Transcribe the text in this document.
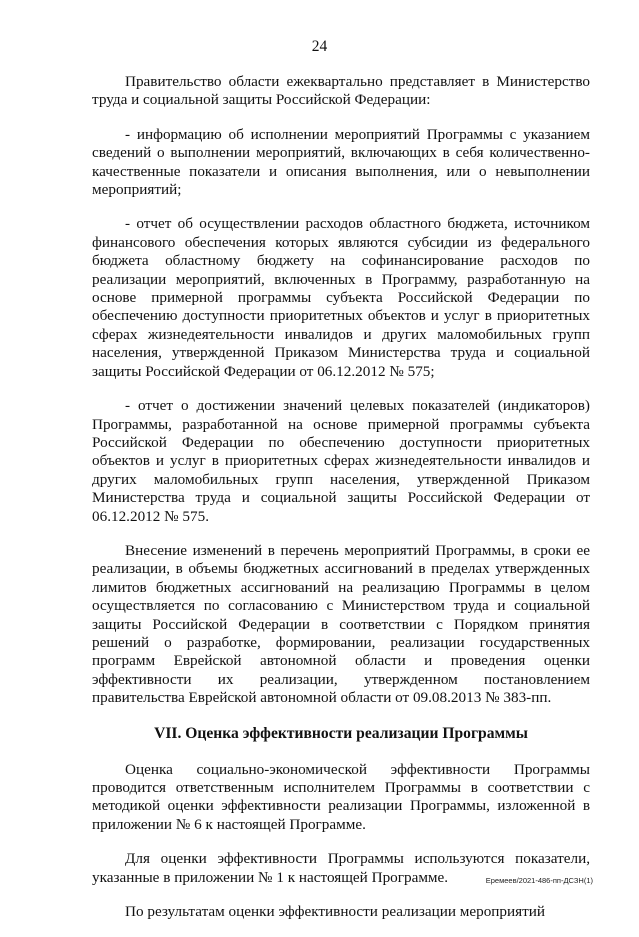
24

Правительство области ежеквартально представляет в Министерство труда и социальной защиты Российской Федерации:

- информацию об исполнении мероприятий Программы с указанием сведений о выполнении мероприятий, включающих в себя количественно-качественные показатели и описания выполнения, или о невыполнении мероприятий;

- отчет об осуществлении расходов областного бюджета, источником финансового обеспечения которых являются субсидии из федерального бюджета областному бюджету на софинансирование расходов по реализации мероприятий, включенных в Программу, разработанную на основе примерной программы субъекта Российской Федерации по обеспечению доступности приоритетных объектов и услуг в приоритетных сферах жизнедеятельности инвалидов и других маломобильных групп населения, утвержденной Приказом Министерства труда и социальной защиты Российской Федерации от 06.12.2012 № 575;

- отчет о достижении значений целевых показателей (индикаторов) Программы, разработанной на основе примерной программы субъекта Российской Федерации по обеспечению доступности приоритетных объектов и услуг в приоритетных сферах жизнедеятельности инвалидов и других маломобильных групп населения, утвержденной Приказом Министерства труда и социальной защиты Российской Федерации от 06.12.2012 № 575.

Внесение изменений в перечень мероприятий Программы, в сроки ее реализации, в объемы бюджетных ассигнований в пределах утвержденных лимитов бюджетных ассигнований на реализацию Программы в целом осуществляется по согласованию с Министерством труда и социальной защиты Российской Федерации в соответствии с Порядком принятия решений о разработке, формировании, реализации государственных программ Еврейской автономной области и проведения оценки эффективности их реализации, утвержденном постановлением правительства Еврейской автономной области от 09.08.2013 № 383-пп.

VII. Оценка эффективности реализации Программы

Оценка социально-экономической эффективности Программы проводится ответственным исполнителем Программы в соответствии с методикой оценки эффективности реализации Программы, изложенной в приложении № 6 к настоящей Программе.

Для оценки эффективности Программы используются показатели, указанные в приложении № 1 к настоящей Программе.

По результатам оценки эффективности реализации мероприятий

Еремеев/2021-486-пп-ДСЗН(1)
